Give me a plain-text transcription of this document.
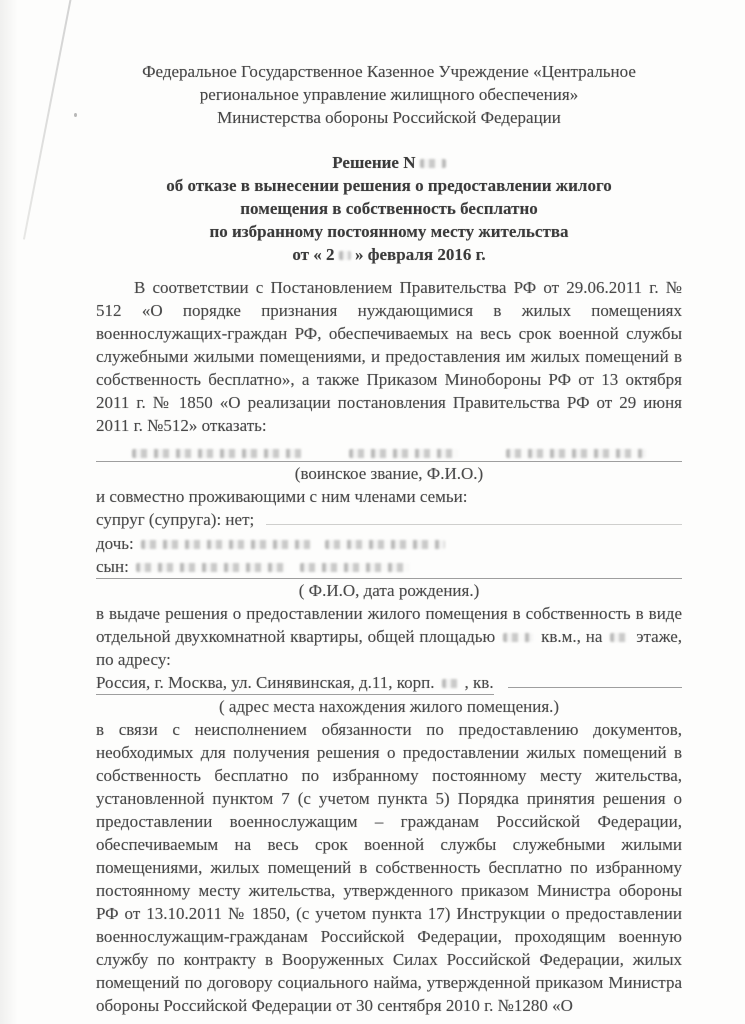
Федеральное Государственное Казенное Учреждение «Центральное
региональное управление жилищного обеспечения»
Министерства обороны Российской Федерации
Решение N
об отказе в вынесении решения о предоставлении жилого
помещения в собственность бесплатно
по избранному постоянному месту жительства
от « 2 » февраля 2016 г.

В соответствии с Постановлением Правительства РФ от 29.06.2011 г. № 512 «О порядке признания нуждающимися в жилых помещениях военнослужащих-граждан РФ, обеспечиваемых на весь срок военной службы служебными жилыми помещениями, и предоставления им жилых помещений в собственность бесплатно», а также Приказом Минобороны РФ от 13 октября 2011 г. № 1850 «О реализации постановления Правительства РФ от 29 июня 2011 г. №512» отказать:

(воинское звание, Ф.И.О.)
и совместно проживающими с ним членами семьи:
супруг (супруга): нет;
дочь:
сын:
( Ф.И.О, дата рождения.)

в выдаче решения о предоставлении жилого помещения в собственность в виде отдельной двухкомнатной квартиры, общей площадью	кв.м., на этаже, по адресу:

Россия, г. Москва, ул. Синявинская, д.11, корп. , кв.
( адрес места нахождения жилого помещения.)

в связи с неисполнением обязанности по предоставлению документов, необходимых для получения решения о предоставлении жилых помещений в собственность бесплатно по избранному постоянному месту жительства, установленной пунктом 7 (с учетом пункта 5) Порядка принятия решения о предоставлении военнослужащим – гражданам Российской Федерации, обеспечиваемым на весь срок военной службы служебными жилыми помещениями, жилых помещений в собственность бесплатно по избранному постоянному месту жительства, утвержденного приказом Министра обороны РФ от 13.10.2011 № 1850, (с учетом пункта 17) Инструкции о предоставлении военнослужащим-гражданам Российской Федерации, проходящим военную службу по контракту в Вооруженных Силах Российской Федерации, жилых помещений по договору социального найма, утвержденной приказом Министра обороны Российской Федерации от 30 сентября 2010 г. №1280 «О
